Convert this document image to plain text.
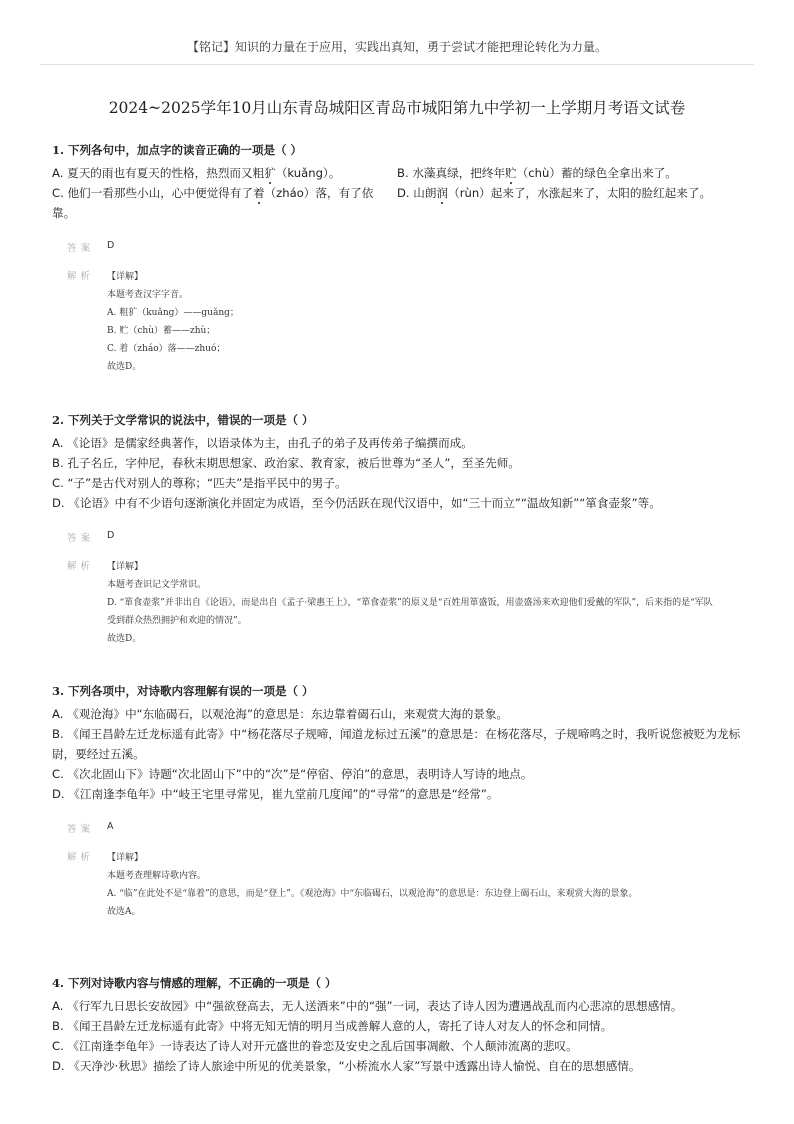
【铭记】知识的力量在于应用，实践出真知，勇于尝试才能把理论转化为力量。
2024~2025学年10月山东青岛城阳区青岛市城阳第九中学初一上学期月考语文试卷
1. 下列各句中，加点字的读音正确的一项是（ ）
A. 夏天的雨也有夏天的性格，热烈而又粗犷（kuǎng）。	B. 水藻真绿，把终年贮（chù）蓄的绿色全拿出来了。
C. 他们一看那些小山，心中便觉得有了着（zháo）落，有了依靠。
D. 山朗润（rùn）起来了，水涨起来了，太阳的脸红起来了。
答案	D
解析	【详解】
本题考查汉字字音。
A. 粗犷（kuǎng）——guǎng；
B. 贮（chù）蓄——zhù；
C. 着（zháo）落——zhuó；
故选D。
2. 下列关于文学常识的说法中，错误的一项是（ ）
A. 《论语》是儒家经典著作，以语录体为主，由孔子的弟子及再传弟子编撰而成。
B. 孔子名丘，字仲尼，春秋末期思想家、政治家、教育家，被后世尊为“圣人”，至圣先师。
C. “子”是古代对别人的尊称；“匹夫”是指平民中的男子。
D. 《论语》中有不少语句逐渐演化并固定为成语，至今仍活跃在现代汉语中，如“三十而立”“温故知新”“箪食壶浆”等。
答案	D
解析	【详解】
本题考查识记文学常识。
D. “箪食壶浆”并非出自《论语》，而是出自《孟子·梁惠王上》，“箪食壶浆”的原义是“百姓用箪盛饭，用壶盛汤来欢迎他们爱戴的军队”，后来指的是“军队受到群众热烈拥护和欢迎的情况”。
故选D。
3. 下列各项中，对诗歌内容理解有误的一项是（ ）
A. 《观沧海》中“东临碣石，以观沧海”的意思是：东边靠着碣石山，来观赏大海的景象。
B. 《闻王昌龄左迁龙标遥有此寄》中“杨花落尽子规啼，闻道龙标过五溪”的意思是：在杨花落尽，子规啼鸣之时，我听说您被贬为龙标尉，要经过五溪。
C. 《次北固山下》诗题“次北固山下”中的“次”是“停宿、停泊”的意思，表明诗人写诗的地点。
D. 《江南逢李龟年》中“岐王宅里寻常见，崔九堂前几度闻”的“寻常”的意思是“经常”。
答案	A
解析	【详解】
本题考查理解诗歌内容。
A. “临”在此处不是“靠着”的意思，而是“登上”。《观沧海》中“东临碣石，以观沧海”的意思是：东边登上碣石山，来观赏大海的景象。
故选A。
4. 下列对诗歌内容与情感的理解，不正确的一项是（ ）
A. 《行军九日思长安故园》中“强欲登高去，无人送酒来”中的“强”一词，表达了诗人因为遭遇战乱而内心悲凉的思想感情。
B. 《闻王昌龄左迁龙标遥有此寄》中将无知无情的明月当成善解人意的人，寄托了诗人对友人的怀念和同情。
C. 《江南逢李龟年》一诗表达了诗人对开元盛世的眷恋及安史之乱后国事凋敝、个人颠沛流离的悲叹。
D. 《天净沙·秋思》描绘了诗人旅途中所见的优美景象，“小桥流水人家”写景中透露出诗人愉悦、自在的思想感情。
